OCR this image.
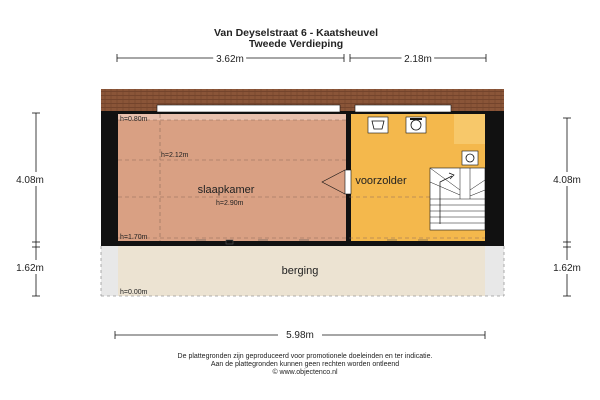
Van Deyselstraat 6 - Kaatsheuvel
Tweede Verdieping
3.62m	2.18m
slaapkamer
voorzolder
berging
h=0.80m
h=2.12m
h=2.90m
h=1.70m
h=0.00m
4.08m
1.62m
4.08m
1.62m
5.98m
De plattegronden zijn geproduceerd voor promotionele doeleinden en ter indicatie.
Aan de plattegronden kunnen geen rechten worden ontleend
© www.objectenco.nl
